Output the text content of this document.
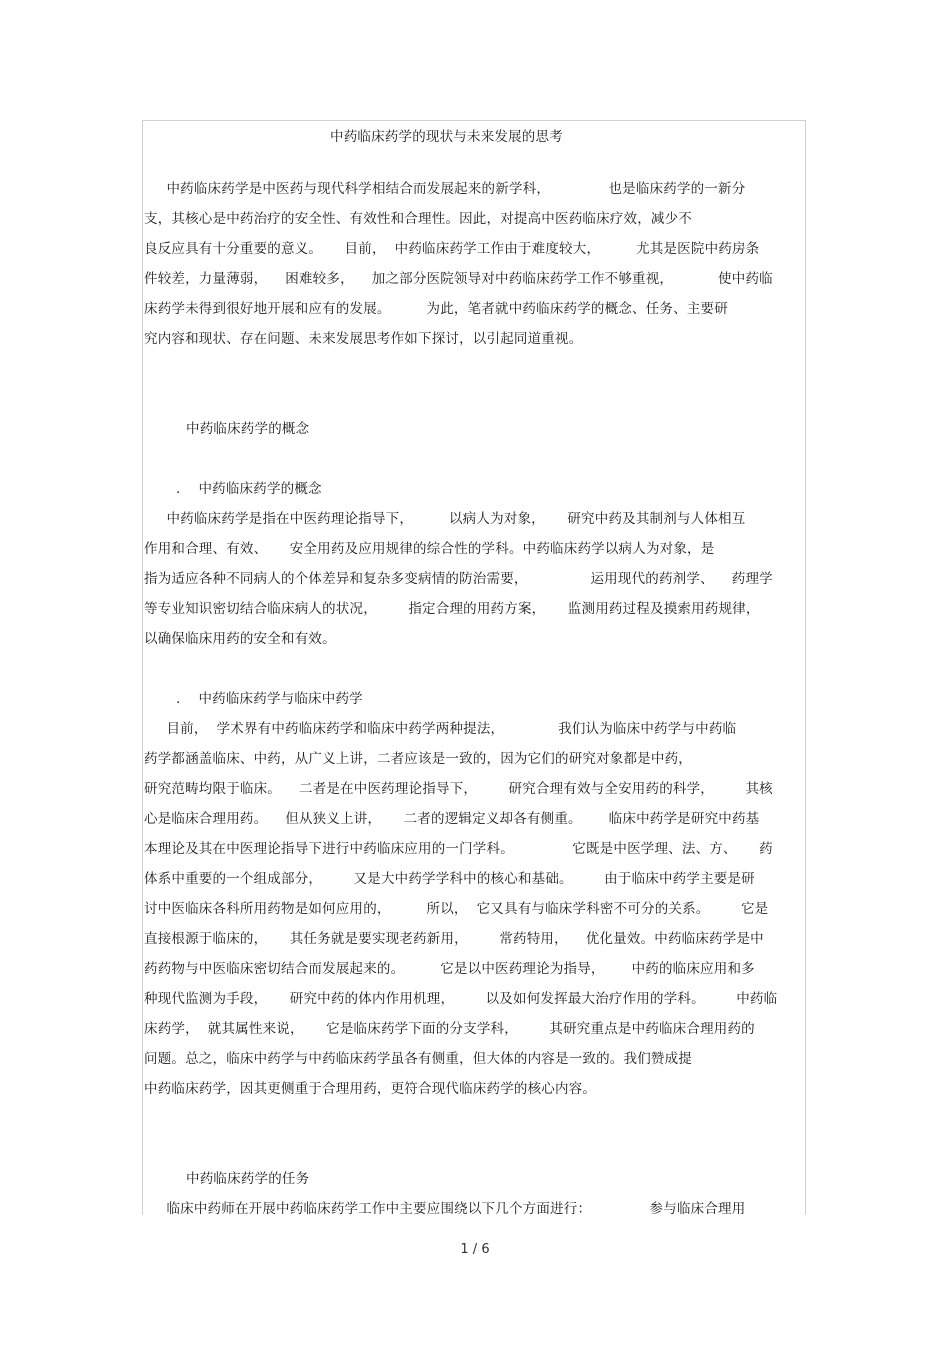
中药临床药学的现状与未来发展的思考
中药临床药学是中医药与现代科学相结合而发展起来的新学科，             也是临床药学的一新分
支，其核心是中药治疗的安全性、有效性和合理性。因此，对提高中医药临床疗效，减少不
良反应具有十分重要的意义。     目前，  中药临床药学工作由于难度较大，        尤其是医院中药房条
件较差，力量薄弱，    困难较多，    加之部分医院领导对中药临床药学工作不够重视，          使中药临
床药学未得到很好地开展和应有的发展。        为此，笔者就中药临床药学的概念、任务、主要研
究内容和现状、存在问题、未来发展思考作如下探讨，以引起同道重视。
中药临床药学的概念
.    中药临床药学的概念
中药临床药学是指在中医药理论指导下，        以病人为对象，     研究中药及其制剂与人体相互
作用和合理、有效、     安全用药及应用规律的综合性的学科。中药临床药学以病人为对象，是
指为适应各种不同病人的个体差异和复杂多变病情的防治需要，              运用现代的药剂学、    药理学
等专业知识密切结合临床病人的状况，       指定合理的用药方案，     监测用药过程及摸索用药规律，
以确保临床用药的安全和有效。
.    中药临床药学与临床中药学
目前，  学术界有中药临床药学和临床中药学两种提法，            我们认为临床中药学与中药临
药学都涵盖临床、中药，从广义上讲，二者应该是一致的，因为它们的研究对象都是中药，
研究范畴均限于临床。    二者是在中医药理论指导下，       研究合理有效与全安用药的科学，       其核
心是临床合理用药。    但从狭义上讲，     二者的逻辑定义却各有侧重。      临床中药学是研究中药基
本理论及其在中医理论指导下进行中药临床应用的一门学科。             它既是中医学理、法、方、     药
体系中重要的一个组成部分，       又是大中药学学科中的核心和基础。       由于临床中药学主要是研
讨中医临床各科所用药物是如何应用的，        所以，  它又具有与临床学科密不可分的关系。       它是
直接根源于临床的，     其任务就是要实现老药新用，       常药特用，    优化量效。中药临床药学是中
药药物与中医临床密切结合而发展起来的。        它是以中医药理论为指导，      中药的临床应用和多
种现代监测为手段，     研究中药的体内作用机理，       以及如何发挥最大治疗作用的学科。       中药临
床药学，  就其属性来说，     它是临床药学下面的分支学科，       其研究重点是中药临床合理用药的
问题。总之，临床中药学与中药临床药学虽各有侧重，但大体的内容是一致的。我们赞成提
中药临床药学，因其更侧重于合理用药，更符合现代临床药学的核心内容。
中药临床药学的任务
临床中药师在开展中药临床药学工作中主要应围绕以下几个方面进行：             参与临床合理用
1 / 6
